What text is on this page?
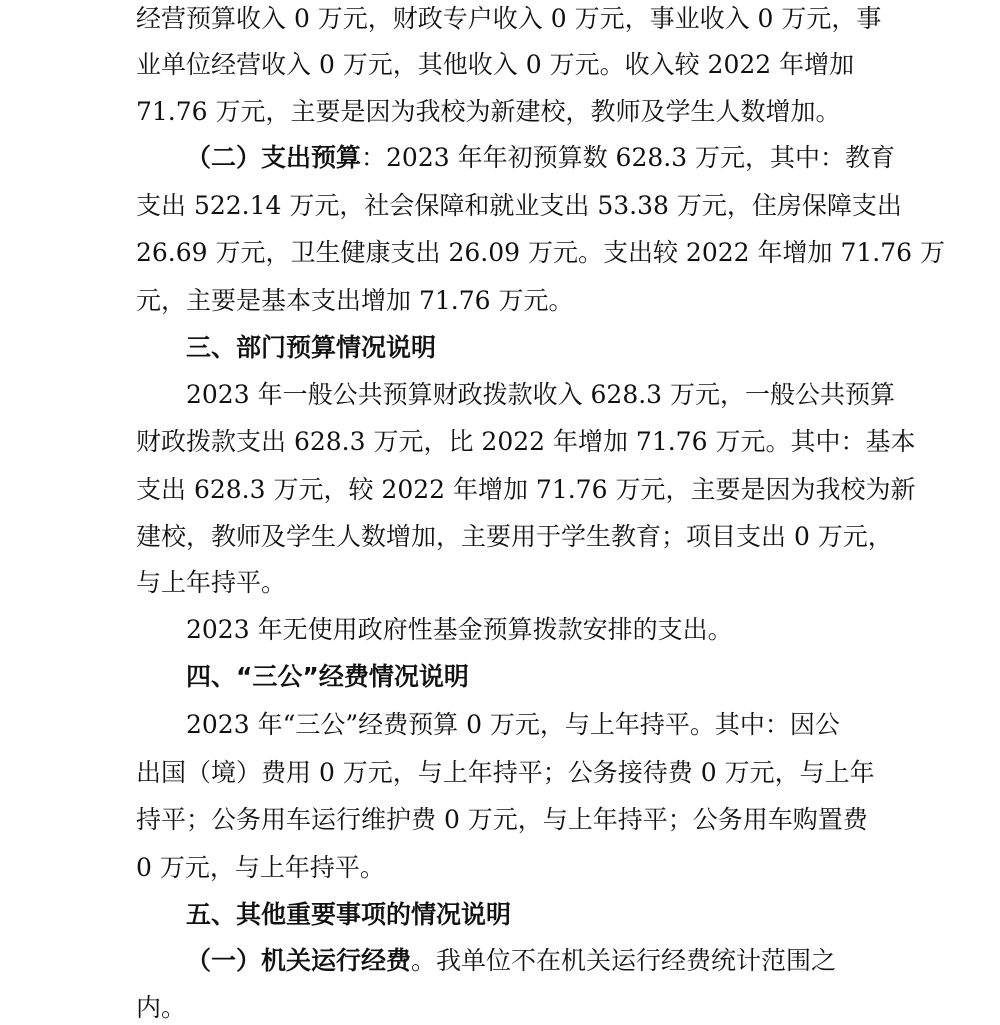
经营预算收入 0 万元，财政专户收入 0 万元，事业收入 0 万元，事
业单位经营收入 0 万元，其他收入 0 万元。收入较 2022 年增加
71.76 万元，主要是因为我校为新建校，教师及学生人数增加。
（二）支出预算：2023 年年初预算数 628.3 万元，其中：教育
支出 522.14 万元，社会保障和就业支出 53.38 万元，住房保障支出
26.69 万元，卫生健康支出 26.09 万元。支出较 2022 年增加 71.76 万
元，主要是基本支出增加 71.76 万元。
三、部门预算情况说明
2023 年一般公共预算财政拨款收入 628.3 万元，一般公共预算
财政拨款支出 628.3 万元，比 2022 年增加 71.76 万元。其中：基本
支出 628.3 万元，较 2022 年增加 71.76 万元，主要是因为我校为新
建校，教师及学生人数增加，主要用于学生教育；项目支出 0 万元，
与上年持平。
2023 年无使用政府性基金预算拨款安排的支出。
四、“三公”经费情况说明
2023 年“三公”经费预算 0 万元，与上年持平。其中：因公
出国（境）费用 0 万元，与上年持平；公务接待费 0 万元，与上年
持平；公务用车运行维护费 0 万元，与上年持平；公务用车购置费
0 万元，与上年持平。
五、其他重要事项的情况说明
（一）机关运行经费。我单位不在机关运行经费统计范围之
内。
